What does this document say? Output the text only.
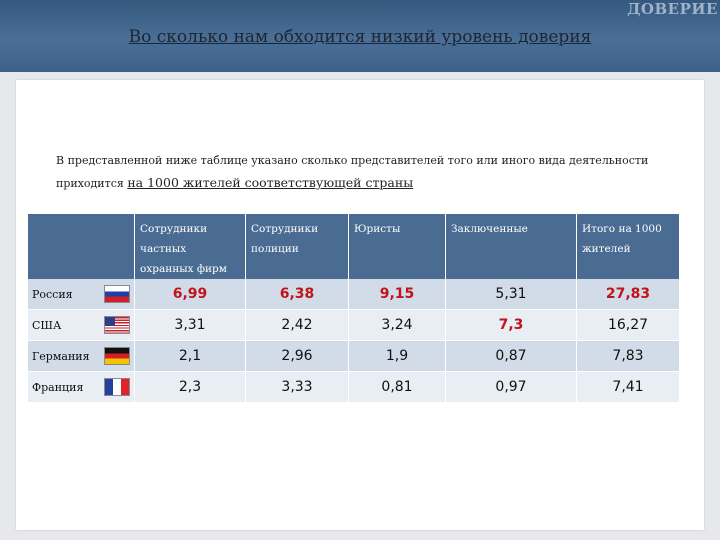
ДОВЕРИЕ
Во сколько нам обходится низкий уровень доверия
В представленной ниже таблице указано сколько представителей того или иного вида деятельности
приходится на 1000 жителей соответствующей страны
	Сотрудники частных охранных фирм	Сотрудники полиции	Юристы	Заключенные	Итого на 1000 жителей
Россия	6,99	6,38	9,15	5,31	27,83
США	3,31	2,42	3,24	7,3	16,27
Германия	2,1	2,96	1,9	0,87	7,83
Франция	2,3	3,33	0,81	0,97	7,41
